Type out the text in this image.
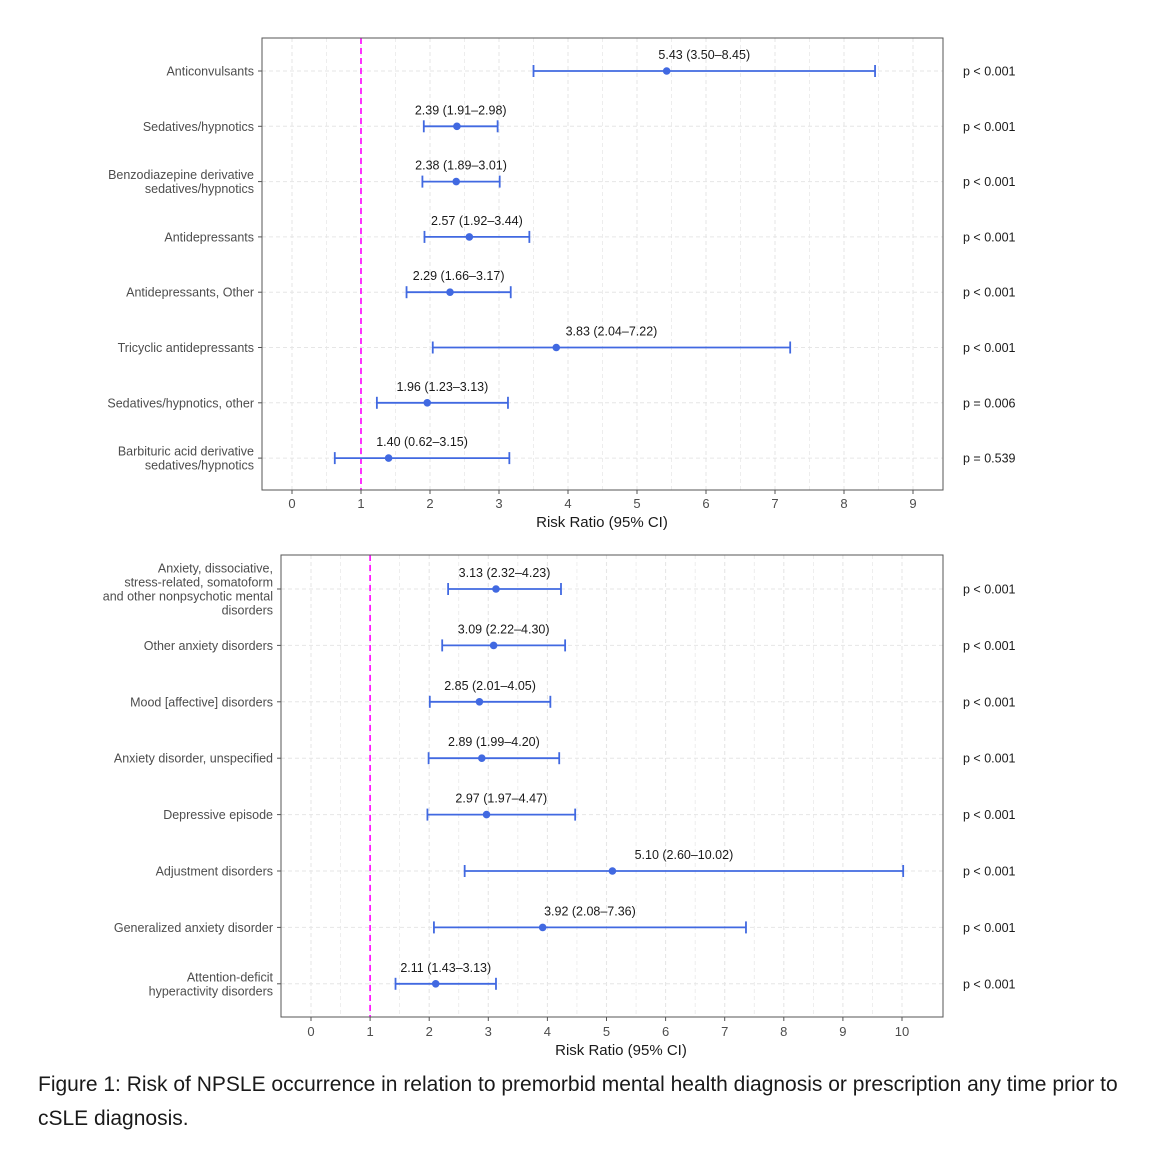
0	1	2	3	4	5	6	7	8	9
Risk Ratio (95% CI)
Anticonvulsants
5.43 (3.50–8.45)
p < 0.001
Sedatives/hypnotics
2.39 (1.91–2.98)
p < 0.001
Benzodiazepine derivative
sedatives/hypnotics
2.38 (1.89–3.01)
p < 0.001
Antidepressants
2.57 (1.92–3.44)
p < 0.001
Antidepressants, Other
2.29 (1.66–3.17)
p < 0.001
Tricyclic antidepressants
3.83 (2.04–7.22)
p < 0.001
Sedatives/hypnotics, other
1.96 (1.23–3.13)
p = 0.006
Barbituric acid derivative
sedatives/hypnotics
1.40 (0.62–3.15)
p = 0.539
0	1	2	3	4	5	6	7	8	9	10
Risk Ratio (95% CI)
Anxiety, dissociative,
stress-related, somatoform
and other nonpsychotic mental
disorders
3.13 (2.32–4.23)
p < 0.001
Other anxiety disorders
3.09 (2.22–4.30)
p < 0.001
Mood [affective] disorders
2.85 (2.01–4.05)
p < 0.001
Anxiety disorder, unspecified
2.89 (1.99–4.20)
p < 0.001
Depressive episode
2.97 (1.97–4.47)
p < 0.001
Adjustment disorders
5.10 (2.60–10.02)
p < 0.001
Generalized anxiety disorder
3.92 (2.08–7.36)
p < 0.001
Attention-deficit
hyperactivity disorders
2.11 (1.43–3.13)
p < 0.001

Figure 1: Risk of NPSLE occurrence in relation to premorbid mental health diagnosis or prescription any time prior to cSLE diagnosis.
